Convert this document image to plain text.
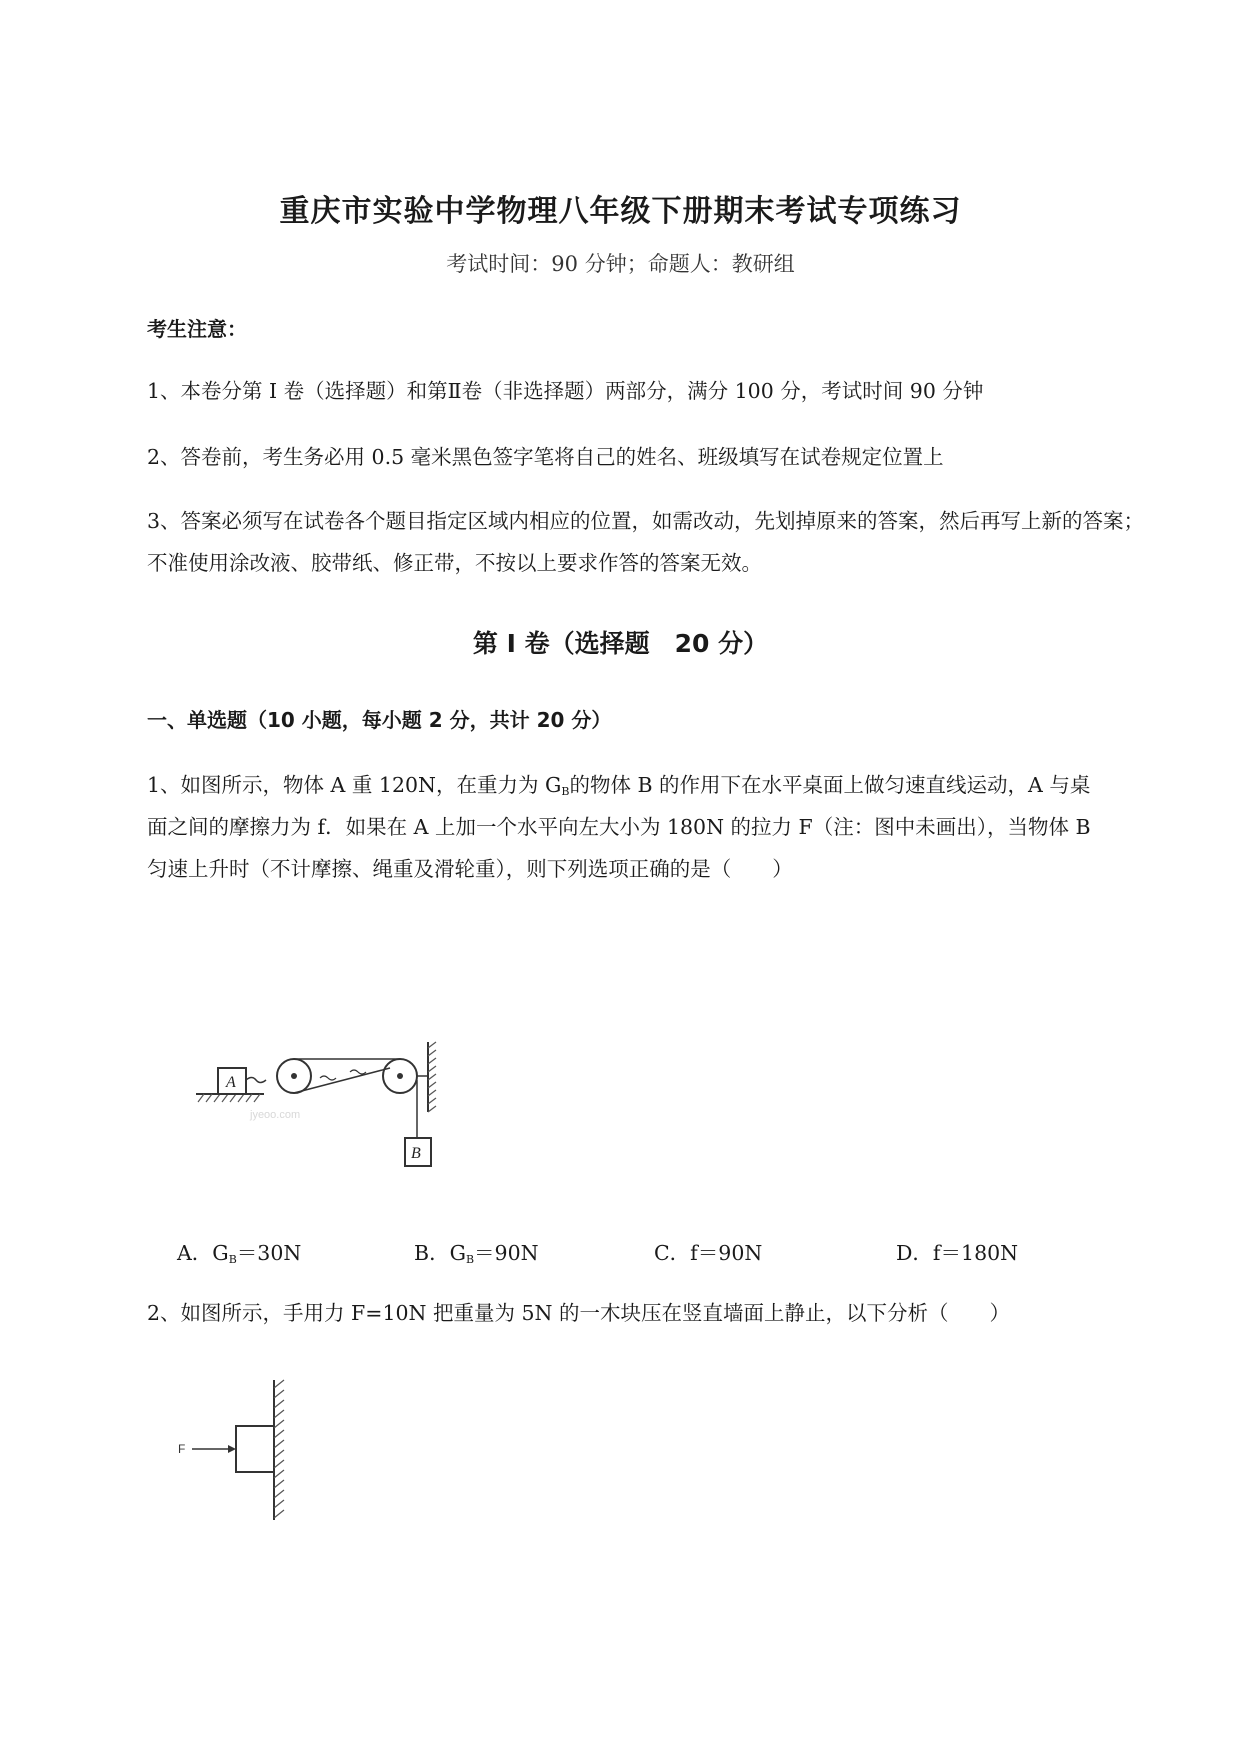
重庆市实验中学物理八年级下册期末考试专项练习
考试时间：90 分钟；命题人：教研组
考生注意：
1、本卷分第 I 卷（选择题）和第Ⅱ卷（非选择题）两部分，满分 100 分，考试时间 90 分钟
2、答卷前，考生务必用 0.5 毫米黑色签字笔将自己的姓名、班级填写在试卷规定位置上
3、答案必须写在试卷各个题目指定区域内相应的位置，如需改动，先划掉原来的答案，然后再写上新的答案；不准使用涂改液、胶带纸、修正带，不按以上要求作答的答案无效。
第 I 卷（选择题　20 分）
一、单选题（10 小题，每小题 2 分，共计 20 分）
1、如图所示，物体 A 重 120N，在重力为 $G_B$的物体 B 的作用下在水平桌面上做匀速直线运动，A 与桌
面之间的摩擦力为 f．如果在 A 上加一个水平向左大小为 180N 的拉力 F（注：图中未画出），当物体 B
匀速上升时（不计摩擦、绳重及滑轮重），则下列选项正确的是（　　）
A
B
jyeoo.com
A．$G_B=30N$	B．$G_B=90N$	C．f＝90N	D．f＝180N
2、如图所示，手用力 F=10N 把重量为 5N 的一木块压在竖直墙面上静止，以下分析（　　）
F
